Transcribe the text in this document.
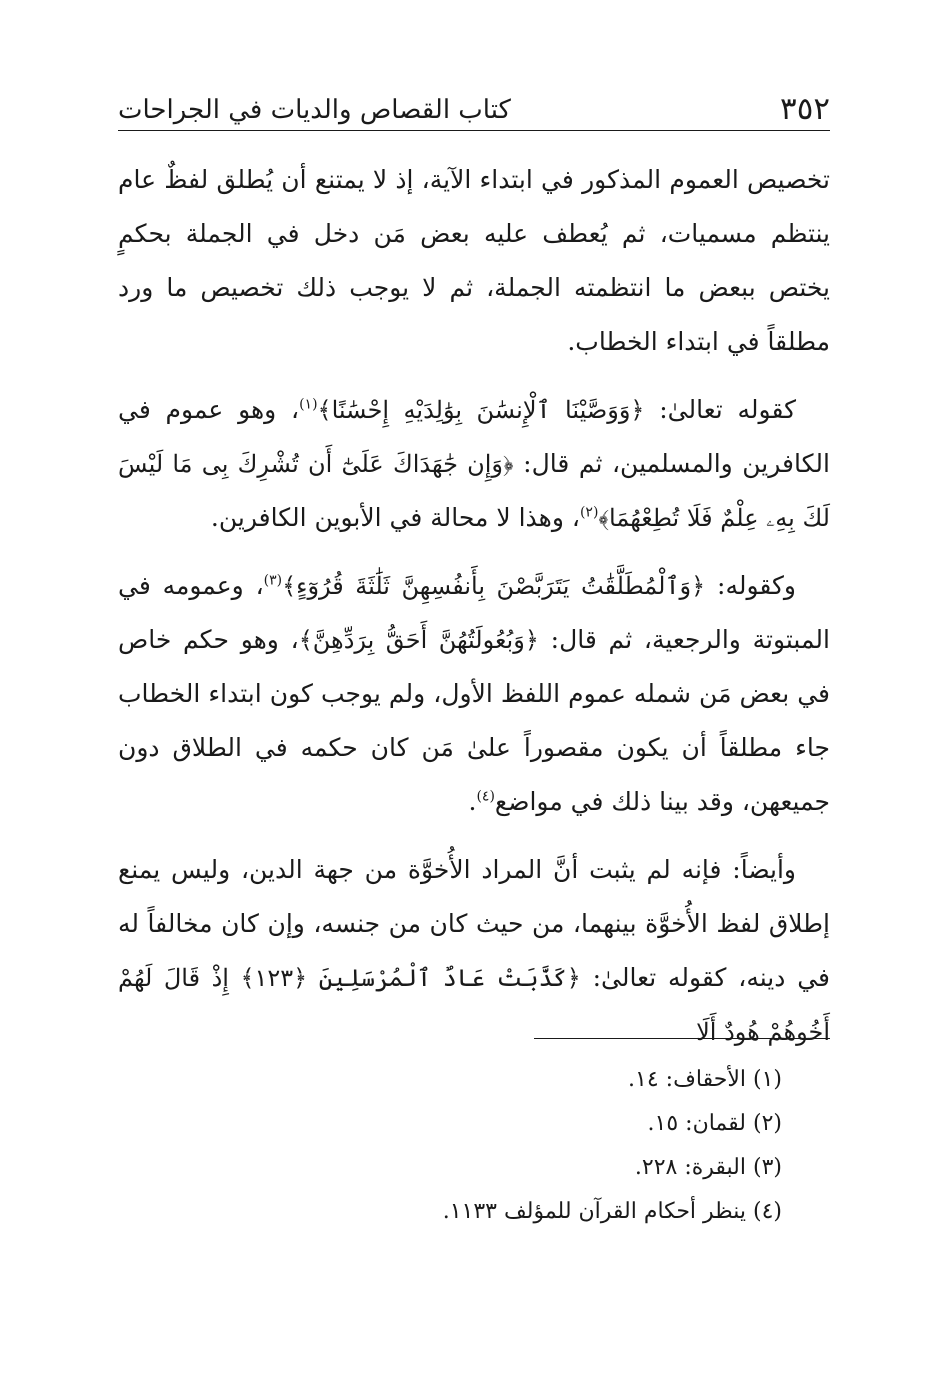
٣٥٢
كتاب القصاص والديات في الجراحات

تخصيص العموم المذكور في ابتداء الآية، إذ لا يمتنع أن يُطلق لفظٌ عام ينتظم مسميات، ثم يُعطف عليه بعض مَن دخل في الجملة بحكمٍ يختص ببعض ما انتظمته الجملة، ثم لا يوجب ذلك تخصيص ما ورد مطلقاً في ابتداء الخطاب.

كقوله تعالىٰ: ﴿وَوَصَّيْنَا ٱلْإِنسَٰنَ بِوَٰلِدَيْهِ إِحْسَٰنًا﴾$^{(١)}$، وهو عموم في الكافرين والمسلمين، ثم قال: ﴿وَإِن جَٰهَدَاكَ عَلَىٰٓ أَن تُشْرِكَ بِى مَا لَيْسَ لَكَ بِهِۦ عِلْمٌ فَلَا تُطِعْهُمَا﴾$^{(٢)}$، وهذا لا محالة في الأبوين الكافرين.

وكقوله: ﴿وَٱلْمُطَلَّقَٰتُ يَتَرَبَّصْنَ بِأَنفُسِهِنَّ ثَلَٰثَةَ قُرُوٓءٍ﴾$^{(٣)}$، وعمومه في المبتوتة والرجعية، ثم قال: ﴿وَبُعُولَتُهُنَّ أَحَقُّ بِرَدِّهِنَّ﴾، وهو حكم خاص في بعض مَن شمله عموم اللفظ الأول، ولم يوجب كون ابتداء الخطاب جاء مطلقاً أن يكون مقصوراً علىٰ مَن كان حكمه في الطلاق دون جميعهن، وقد بينا ذلك في مواضع$^{(٤)}$.

وأيضاً: فإنه لم يثبت أنَّ المراد الأُخوَّة من جهة الدين، وليس يمنع إطلاق لفظ الأُخوَّة بينهما، من حيث كان من جنسه، وإن كان مخالفاً له في دينه، كقوله تعالىٰ: ﴿كَذَّبَتْ عَادٌ ٱلْمُرْسَلِينَ ﴿١٢٣﴾ إِذْ قَالَ لَهُمْ أَخُوهُمْ هُودٌ أَلَا

(١) الأحقاف: ١٤.

(٢) لقمان: ١٥.

(٣) البقرة: ٢٢٨.

(٤) ينظر أحكام القرآن للمؤلف ١١٣٣.
